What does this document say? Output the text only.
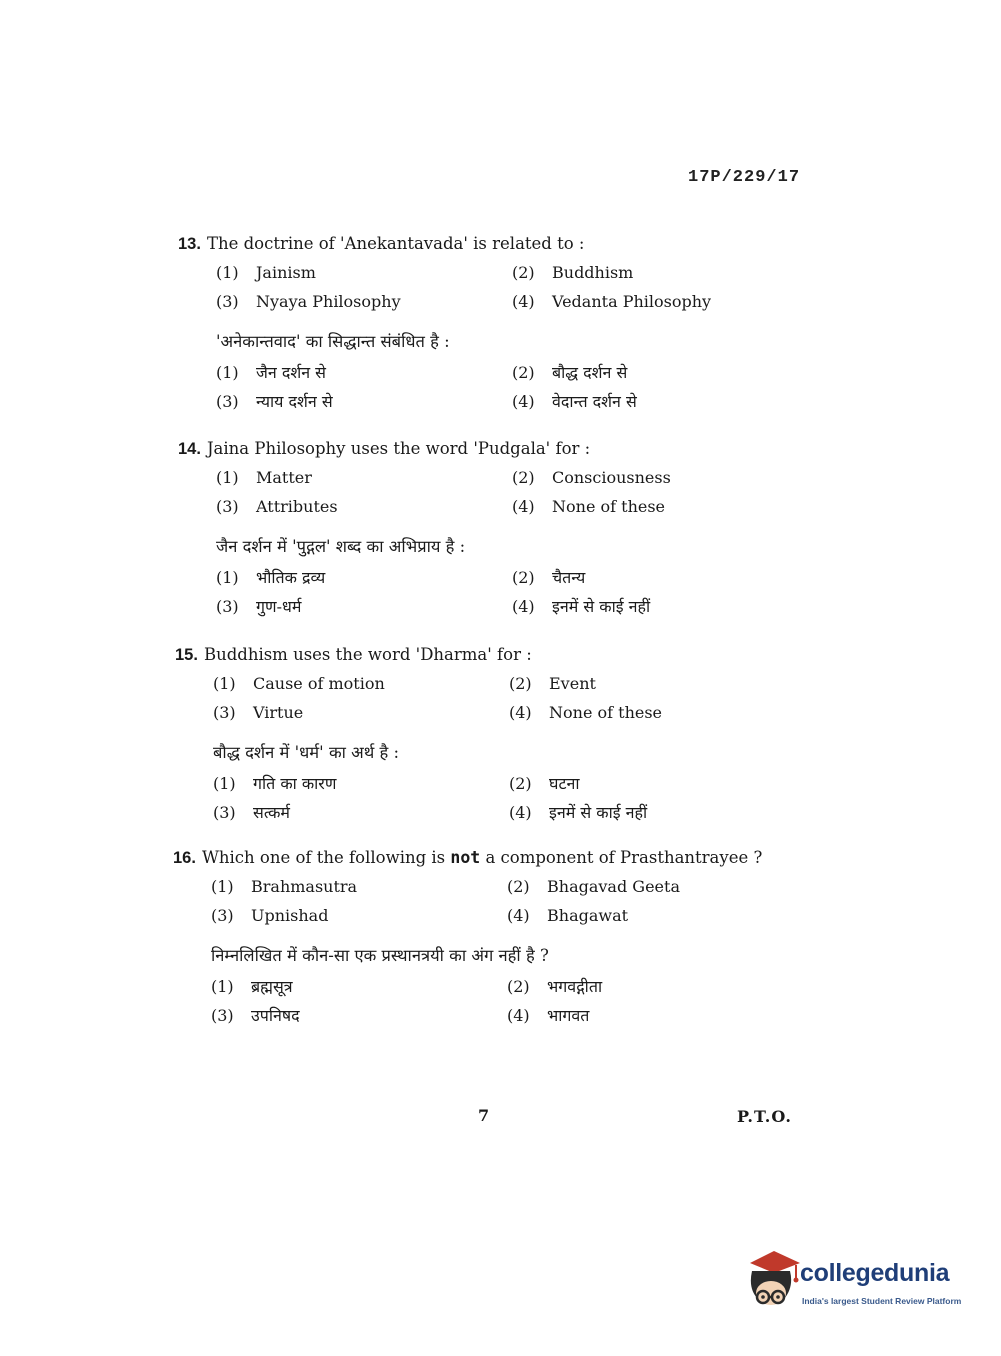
17P/229/17
13. The doctrine of 'Anekantavada' is related to :
(1) Jainism	(2) Buddhism
(3) Nyaya Philosophy	(4) Vedanta Philosophy
'अनेकान्तवाद' का सिद्धान्त संबंधित है :
(1) जैन दर्शन से	(2) बौद्ध दर्शन से
(3) न्याय दर्शन से	(4) वेदान्त दर्शन से
14. Jaina Philosophy uses the word 'Pudgala' for :
(1) Matter	(2) Consciousness
(3) Attributes	(4) None of these
जैन दर्शन में 'पुद्गल' शब्द का अभिप्राय है :
(1) भौतिक द्रव्य	(2) चैतन्य
(3) गुण-धर्म	(4) इनमें से काई नहीं
15. Buddhism uses the word 'Dharma' for :
(1) Cause of motion	(2) Event
(3) Virtue	(4) None of these
बौद्ध दर्शन में 'धर्म' का अर्थ है :
(1) गति का कारण	(2) घटना
(3) सत्कर्म	(4) इनमें से काई नहीं
16. Which one of the following is not a component of Prasthantrayee ?
(1) Brahmasutra	(2) Bhagavad Geeta
(3) Upnishad	(4) Bhagawat
निम्नलिखित में कौन-सा एक प्रस्थानत्रयी का अंग नहीं है ?
(1) ब्रह्मसूत्र	(2) भगवद्गीता
(3) उपनिषद	(4) भागवत
7	P.T.O.
collegedunia
India's largest Student Review Platform
